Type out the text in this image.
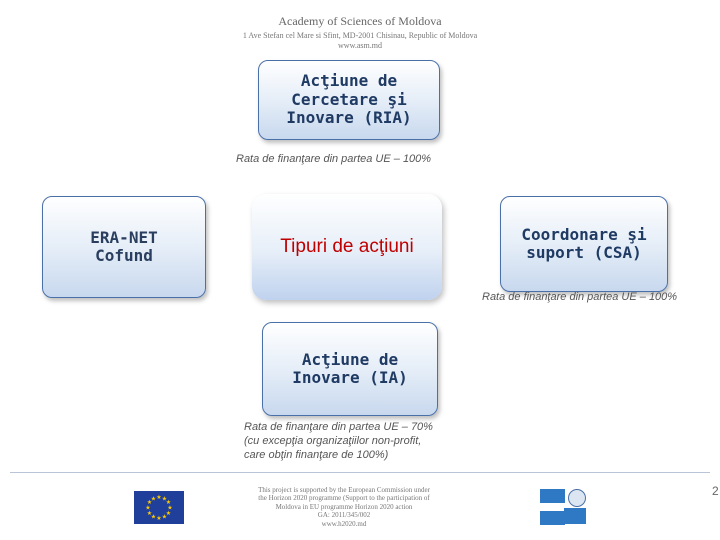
Academy of Sciences of Moldova
1 Ave Stefan cel Mare si Sfint, MD-2001 Chisinau, Republic of Moldova
www.asm.md
Acţiune de
Cercetare şi
Inovare (RIA)
Rata de finanţare din partea UE – 100%
ERA-NET
Cofund	Tipuri de acţiuni
Coordonare şi
suport (CSA)
Rata de finanţare din partea UE – 100%
Acţiune de
Inovare (IA)
Rata de finanţare din partea UE – 70%
(cu excepţia organizaţiilor non-profit,
care obţin finanţare de 100%)
★ ★
★
★
★
★
★
★
★
★
★
★
This project is supported by the European Commission under
the Horizon 2020 programme (Support to the participation of
Moldova in EU programme Horizon 2020 action
GA: 2011/345/002
www.h2020.md
2
